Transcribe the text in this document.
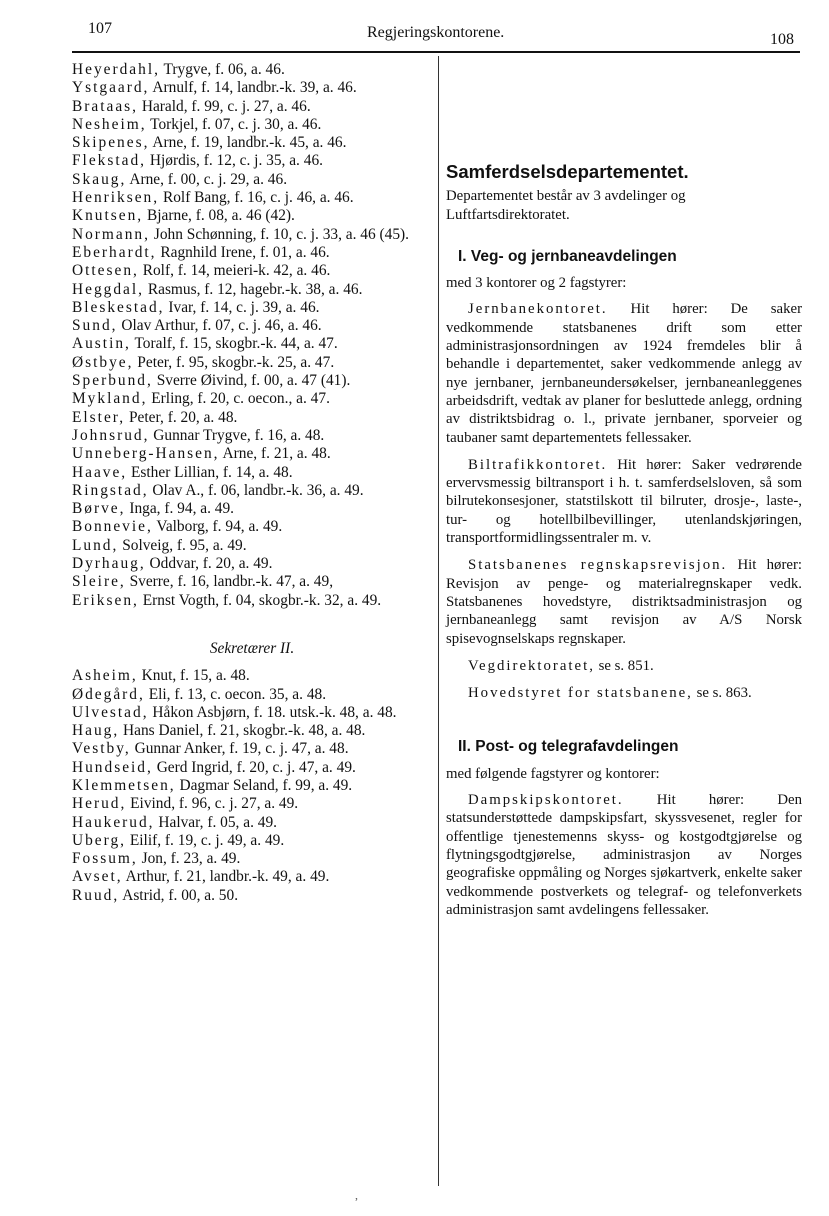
107	Regjeringskontorene.	108
Heyerdahl, Trygve, f. 06, a. 46.
Ystgaard, Arnulf, f. 14, landbr.-k. 39, a. 46.
Brataas, Harald, f. 99, c. j. 27, a. 46.
Nesheim, Torkjel, f. 07, c. j. 30, a. 46.
Skipenes, Arne, f. 19, landbr.-k. 45, a. 46.
Flekstad, Hjørdis, f. 12, c. j. 35, a. 46.
Skaug, Arne, f. 00, c. j. 29, a. 46.
Henriksen, Rolf Bang, f. 16, c. j. 46, a. 46.
Knutsen, Bjarne, f. 08, a. 46 (42).
Normann, John Schønning, f. 10, c. j. 33, a. 46 (45).
Eberhardt, Ragnhild Irene, f. 01, a. 46.
Ottesen, Rolf, f. 14, meieri-k. 42, a. 46.
Heggdal, Rasmus, f. 12, hagebr.-k. 38, a. 46.
Bleskestad, Ivar, f. 14, c. j. 39, a. 46.
Sund, Olav Arthur, f. 07, c. j. 46, a. 46.
Austin, Toralf, f. 15, skogbr.-k. 44, a. 47.
Østbye, Peter, f. 95, skogbr.-k. 25, a. 47.
Sperbund, Sverre Øivind, f. 00, a. 47 (41).
Mykland, Erling, f. 20, c. oecon., a. 47.
Elster, Peter, f. 20, a. 48.
Johnsrud, Gunnar Trygve, f. 16, a. 48.
Unneberg-Hansen, Arne, f. 21, a. 48.
Haave, Esther Lillian, f. 14, a. 48.
Ringstad, Olav A., f. 06, landbr.-k. 36, a. 49.
Børve, Inga, f. 94, a. 49.
Bonnevie, Valborg, f. 94, a. 49.
Lund, Solveig, f. 95, a. 49.
Dyrhaug, Oddvar, f. 20, a. 49.
Sleire, Sverre, f. 16, landbr.-k. 47, a. 49,
Eriksen, Ernst Vogth, f. 04, skogbr.-k. 32, a. 49.
Sekretærer II.
Asheim, Knut, f. 15, a. 48.
Ødegård, Eli, f. 13, c. oecon. 35, a. 48.
Ulvestad, Håkon Asbjørn, f. 18. utsk.-k. 48, a. 48.
Haug, Hans Daniel, f. 21, skogbr.-k. 48, a. 48.
Vestby, Gunnar Anker, f. 19, c. j. 47, a. 48.
Hundseid, Gerd Ingrid, f. 20, c. j. 47, a. 49.
Klemmetsen, Dagmar Seland, f. 99, a. 49.
Herud, Eivind, f. 96, c. j. 27, a. 49.
Haukerud, Halvar, f. 05, a. 49.
Uberg, Eilif, f. 19, c. j. 49, a. 49.
Fossum, Jon, f. 23, a. 49.
Avset, Arthur, f. 21, landbr.-k. 49, a. 49.
Ruud, Astrid, f. 00, a. 50.
Samferdselsdepartementet.
Departementet består av 3 avdelinger og Luftfartsdirektoratet.
I. Veg- og jernbaneavdelingen
med 3 kontorer og 2 fagstyrer:
Jernbanekontoret. Hit hører: De saker vedkommende statsbanenes drift som etter administrasjonsordningen av 1924 fremdeles blir å behandle i departementet, saker vedkommende anlegg av nye jernbaner, jernbaneundersøkelser, jernbaneanleggenes arbeidsdrift, vedtak av planer for besluttede anlegg, ordning av distriktsbidrag o. l., private jernbaner, sporveier og taubaner samt departementets fellessaker.
Biltrafikkontoret. Hit hører: Saker vedrørende ervervsmessig biltransport i h. t. samferdselsloven, så som bilrutekonsesjoner, statstilskott til bilruter, drosje-, laste-, tur- og hotellbilbevillinger, utenlandskjøringen, transportformidlingssentraler m. v.
Statsbanenes regnskapsrevisjon. Hit hører: Revisjon av penge- og materialregnskaper vedk. Statsbanenes hovedstyre, distriktsadministrasjon og jernbaneanlegg samt revisjon av A/S Norsk spisevognselskaps regnskaper.
Vegdirektoratet, se s. 851.
Hovedstyret for statsbanene, se s. 863.
II. Post- og telegrafavdelingen
med følgende fagstyrer og kontorer:
Dampskipskontoret. Hit hører: Den statsunderstøttede dampskipsfart, skyssvesenet, regler for offentlige tjenestemenns skyss- og kostgodtgjørelse og flytningsgodtgjørelse, administrasjon av Norges geografiske oppmåling og Norges sjøkartverk, enkelte saker vedkommende postverkets og telegraf- og telefonverkets administrasjon samt avdelingens fellessaker.
,
